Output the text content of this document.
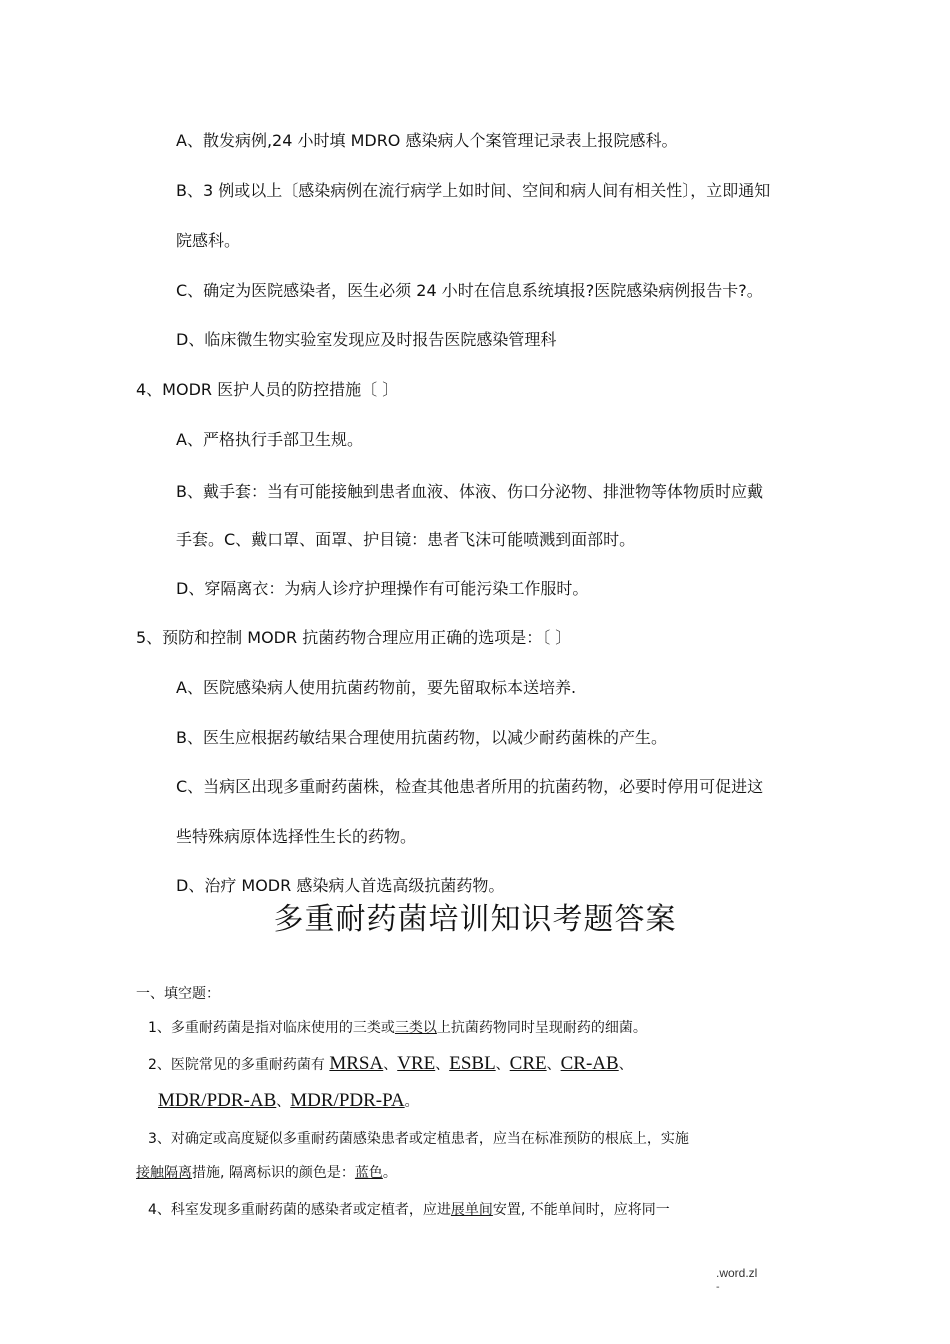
A、散发病例,24 小时填 MDRO 感染病人个案管理记录表上报院感科。
B、3 例或以上〔感染病例在流行病学上如时间、空间和病人间有相关性〕，立即通知
院感科。
C、确定为医院感染者，医生必须 24 小时在信息系统填报?医院感染病例报告卡?。
D、临床微生物实验室发现应及时报告医院感染管理科
4、MODR 医护人员的防控措施〔 〕
A、严格执行手部卫生规。
B、戴手套：当有可能接触到患者血液、体液、伤口分泌物、排泄物等体物质时应戴
手套。C、戴口罩、面罩、护目镜：患者飞沫可能喷溅到面部时。
D、穿隔离衣：为病人诊疗护理操作有可能污染工作服时。
5、预防和控制 MODR 抗菌药物合理应用正确的选项是：〔 〕
A、医院感染病人使用抗菌药物前，要先留取标本送培养.
B、医生应根据药敏结果合理使用抗菌药物，以减少耐药菌株的产生。
C、当病区出现多重耐药菌株，检查其他患者所用的抗菌药物，必要时停用可促进这
些特殊病原体选择性生长的药物。
D、治疗 MODR 感染病人首选高级抗菌药物。
多重耐药菌培训知识考题答案
一、填空题：
1、多重耐药菌是指对临床使用的三类或三类以上抗菌药物同时呈现耐药的细菌。
2、医院常见的多重耐药菌有 MRSA、VRE、ESBL、CRE、CR-AB、
MDR/PDR-AB、MDR/PDR-PA。
3、对确定或高度疑似多重耐药菌感染患者或定植患者，应当在标准预防的根底上，实施
接触隔离措施, 隔离标识的颜色是：蓝色。
4、科室发现多重耐药菌的感染者或定植者，应进展单间安置, 不能单间时，应将同一
.word.zl
-
